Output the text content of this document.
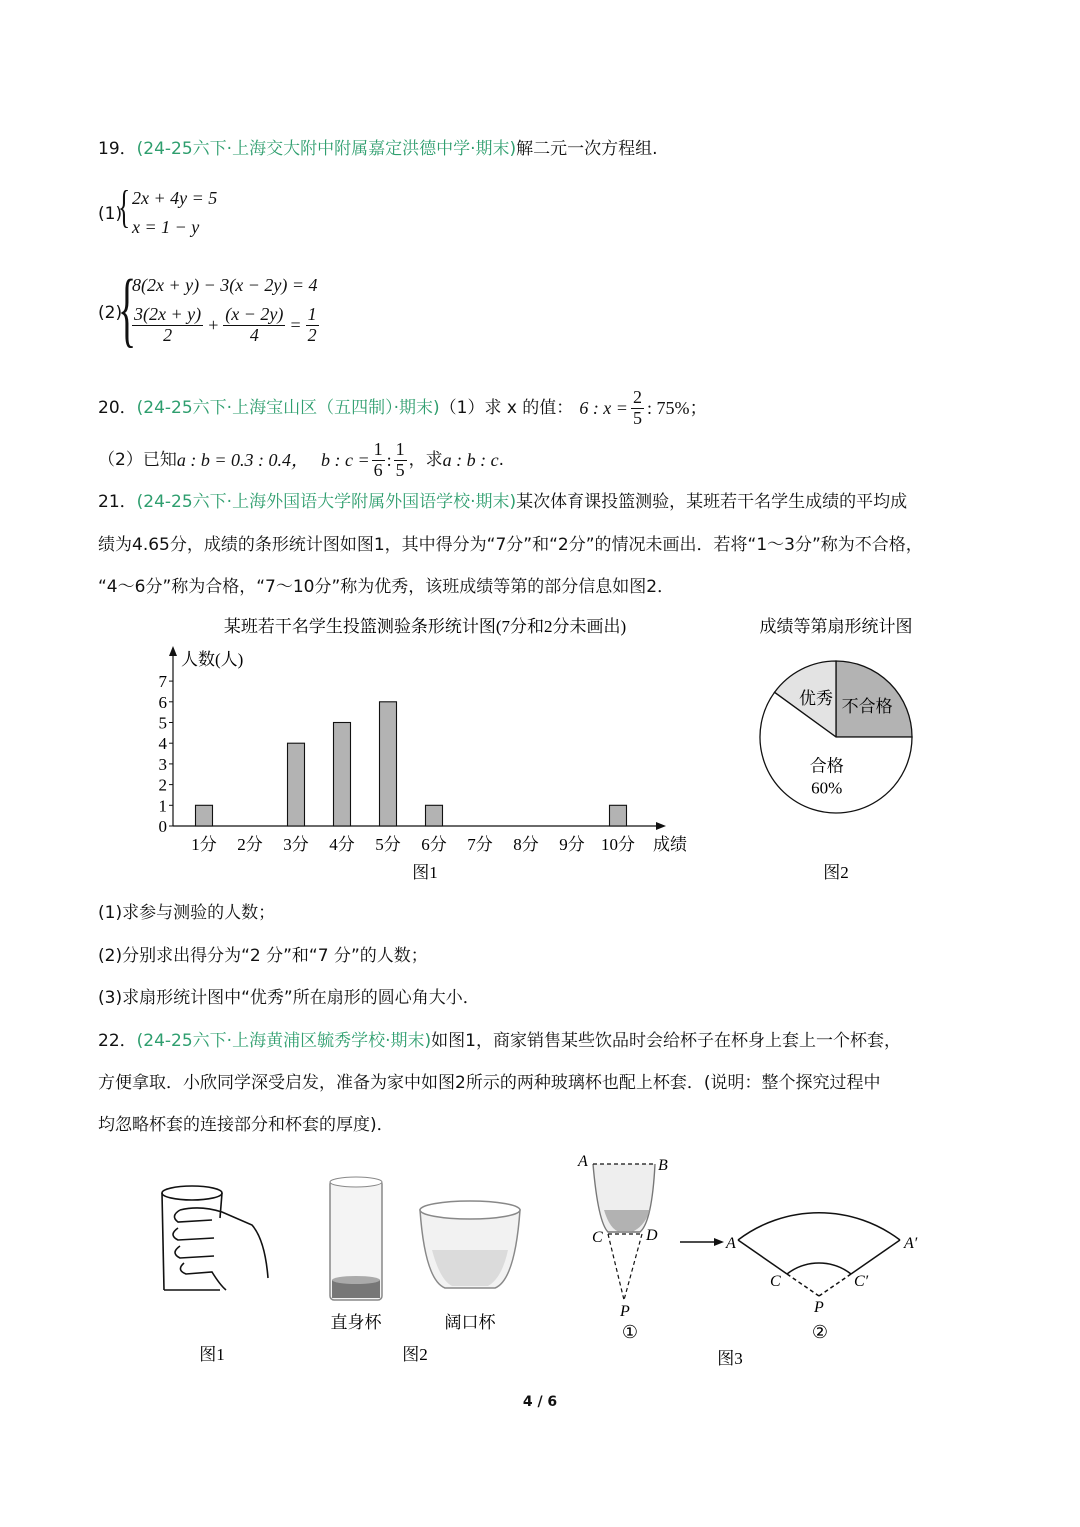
19．(24-25六下·上海交大附中附属嘉定洪德中学·期末)解二元一次方程组.
(1)
{ 2x + 4y = 5
x = 1 − y
(2)
{
8(2x + y) − 3(x − 2y) = 4
$\frac{3(2x + y)}{2} + \frac{(x - 2y)}{4} = \frac{1}{2}$
20． (24-25六下·上海宝山区（五四制）·期末) （1）求 x 的值： 6 : $x = \frac{2}{5}$ : 75%；
（2）已知 a : b = 0.3 : 0.4， b : $c = \frac{1}{6}$ : $\frac{1}{5}$ ，求 a : b : c .
21．(24-25六下·上海外国语大学附属外国语学校·期末)某次体育课投篮测验，某班若干名学生成绩的平均成
绩为4.65分，成绩的条形统计图如图1，其中得分为“7分”和“2分”的情况未画出．若将“1～3分”称为不合格，
“4～6分”称为合格，“7～10分”称为优秀，该班成绩等第的部分信息如图2．
某班若干名学生投篮测验条形统计图(7分和2分未画出)
人数(人)
成绩
0
1
2
3
4
5
6
7
1分 2分 3分 4分 5分 6分 7分 8分 9分 10分
图1
成绩等第扇形统计图
不合格
优秀
合格
60%
图2
(1)求参与测验的人数；
(2)分别求出得分为“2 分”和“7 分”的人数；
(3)求扇形统计图中“优秀”所在扇形的圆心角大小．
22．(24-25六下·上海黄浦区毓秀学校·期末)如图1，商家销售某些饮品时会给杯子在杯身上套上一个杯套，
方便拿取．小欣同学深受启发，准备为家中如图2所示的两种玻璃杯也配上杯套．(说明：整个探究过程中
均忽略杯套的连接部分和杯套的厚度)．
图1
直身杯	阔口杯
图2
A	B
C	D
P
①
A	A′
C	C′
P
②
图3
4 / 6
